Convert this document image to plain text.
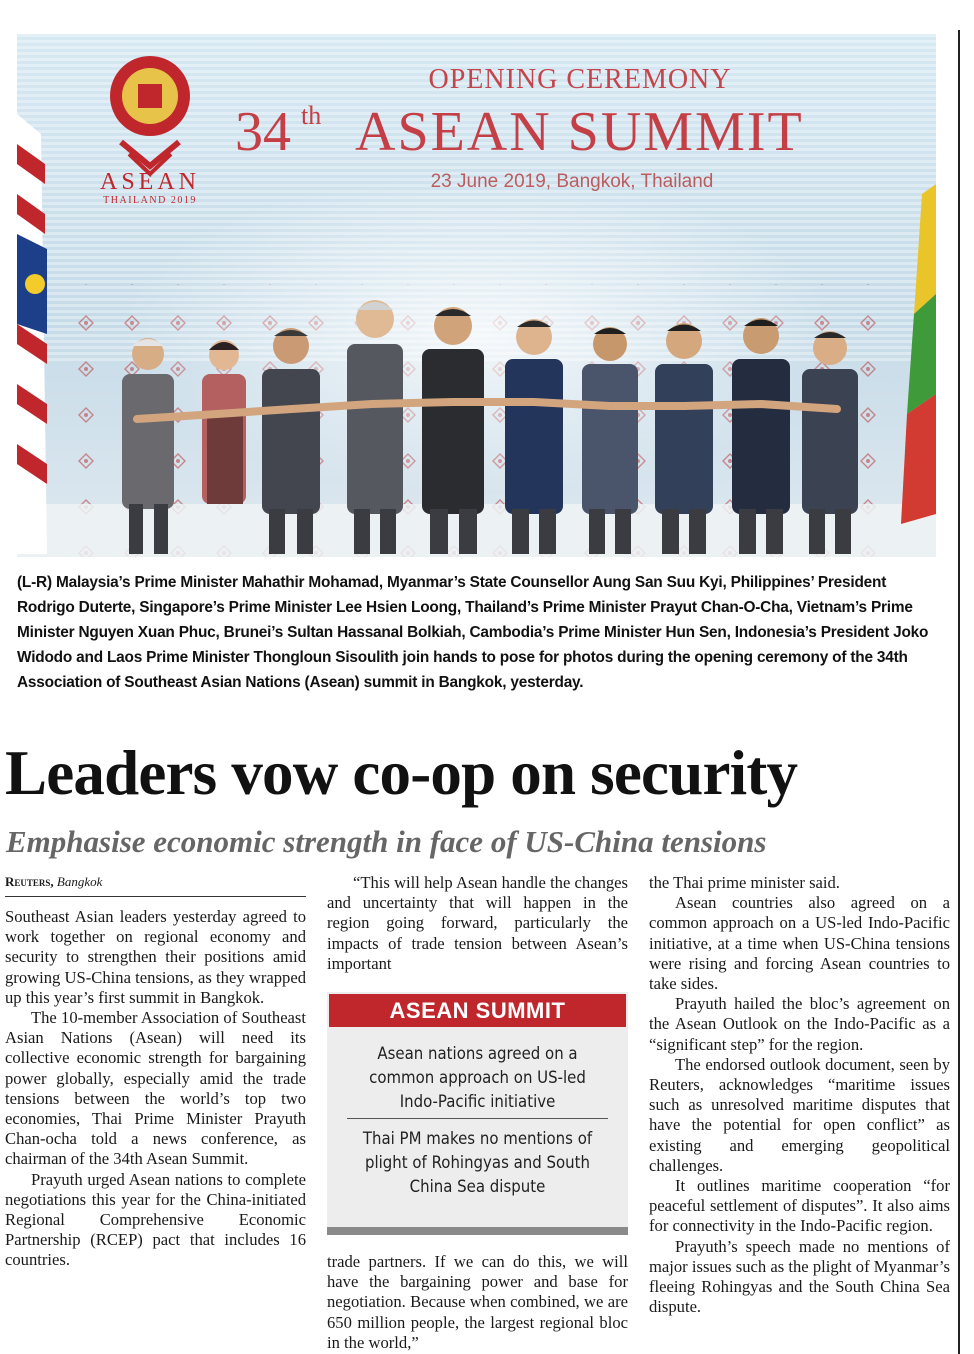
ASEAN
THAILAND 2019
OPENING CEREMONY
34 th ASEAN SUMMIT
23 June 2019, Bangkok, Thailand
(L-R) Malaysia’s Prime Minister Mahathir Mohamad, Myanmar’s State Counsellor Aung San Suu Kyi, Philippines’ President Rodrigo Duterte, Singapore’s Prime Minister Lee Hsien Loong, Thailand’s Prime Minister Prayut Chan-O-Cha, Vietnam’s Prime Minister Nguyen Xuan Phuc, Brunei’s Sultan Hassanal Bolkiah, Cambodia’s Prime Minister Hun Sen, Indonesia’s President Joko Widodo and Laos Prime Minister Thongloun Sisoulith join hands to pose for photos during the opening ceremony of the 34th Association of Southeast Asian Nations (Asean) summit in Bangkok, yesterday.
Leaders vow co-op on security
Emphasise economic strength in face of US-China tensions
Reuters, Bangkok

Southeast Asian leaders yesterday agreed to work together on regional economy and security to strengthen their positions amid growing US-China tensions, as they wrapped up this year’s first summit in Bangkok.

The 10-member Association of Southeast Asian Nations (Asean) will need its collective economic strength for bargaining power globally, especially amid the trade tensions between the world’s top two economies, Thai Prime Minister Prayuth Chan-ocha told a news conference, as chairman of the 34th Asean Summit.

Prayuth urged Asean nations to complete negotiations this year for the China-initiated Regional Comprehensive Economic Partnership (RCEP) pact that includes 16 countries.

“This will help Asean handle the changes and uncertainty that will happen in the region going forward, particularly the impacts of trade tension between Asean’s important

ASEAN SUMMIT
Asean nations agreed on a common approach on US-led Indo-Pacific initiative
Thai PM makes no mentions of plight of Rohingyas and South China Sea dispute

trade partners. If we can do this, we will have the bargaining power and base for negotiation. Because when combined, we are 650 million people, the largest regional bloc in the world,”

the Thai prime minister said.

Asean countries also agreed on a common approach on a US-led Indo-Pacific initiative, at a time when US-China tensions were rising and forcing Asean countries to take sides.

Prayuth hailed the bloc’s agreement on the Asean Outlook on the Indo-Pacific as a “significant step” for the region.

The endorsed outlook document, seen by Reuters, acknowledges “maritime issues such as unresolved maritime disputes that have the potential for open conflict” as existing and emerging geopolitical challenges.

It outlines maritime cooperation “for peaceful settlement of disputes”. It also aims for connectivity in the Indo-Pacific region.

Prayuth’s speech made no mentions of major issues such as the plight of Myanmar’s fleeing Rohingyas and the South China Sea dispute.
